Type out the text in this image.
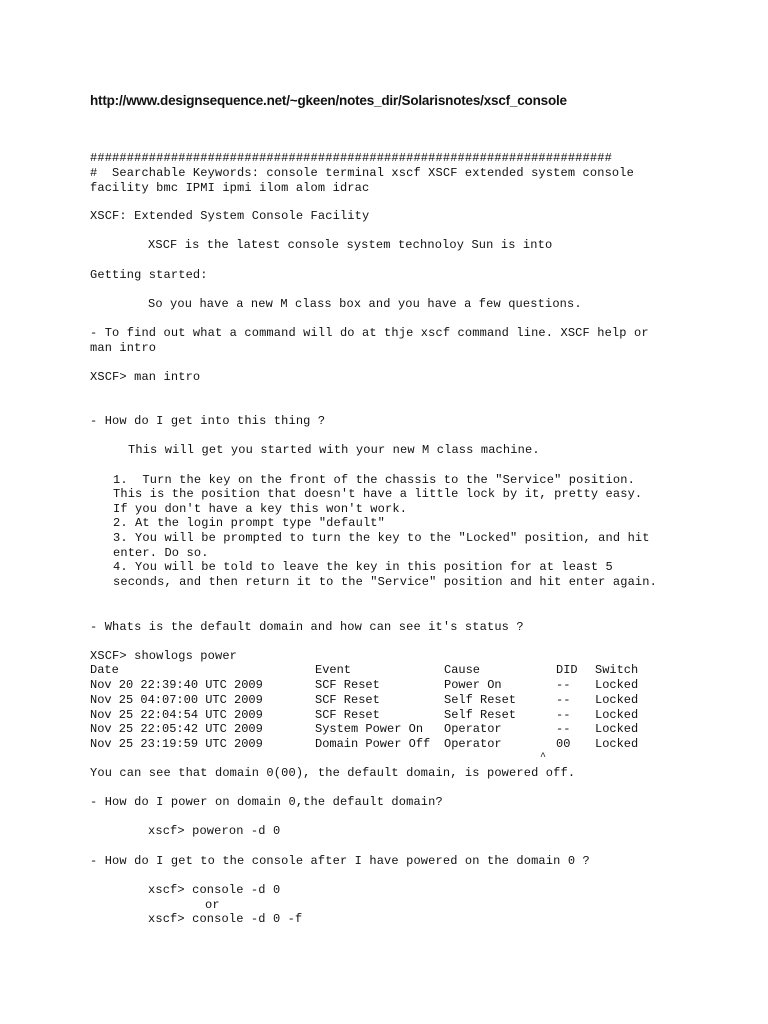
http://www.designsequence.net/~gkeen/notes_dir/Solarisnotes/xscf_console
#######################################################################
#  Searchable Keywords: console terminal xscf XSCF extended system console
facility bmc IPMI ipmi ilom alom idrac
XSCF: Extended System Console Facility
XSCF is the latest console system technoloy Sun is into
Getting started:
So you have a new M class box and you have a few questions.
- To find out what a command will do at thje xscf command line. XSCF help or
man intro
XSCF> man intro
- How do I get into this thing ?
This will get you started with your new M class machine.
1.  Turn the key on the front of the chassis to the "Service" position.
This is the position that doesn't have a little lock by it, pretty easy.
If you don't have a key this won't work.
2. At the login prompt type "default"
3. You will be prompted to turn the key to the "Locked" position, and hit
enter. Do so.
4. You will be told to leave the key in this position for at least 5
seconds, and then return it to the "Service" position and hit enter again.
- Whats is the default domain and how can see it's status ?
XSCF> showlogs power
Date	Event	Cause	DID Switch
Nov 20 22:39:40 UTC 2009	SCF Reset	Power On	-- Locked
Nov 25 04:07:00 UTC 2009	SCF Reset	Self Reset	-- Locked
Nov 25 22:04:54 UTC 2009	SCF Reset	Self Reset	-- Locked
Nov 25 22:05:42 UTC 2009	System Power On Operator	-- Locked
Nov 25 23:19:59 UTC 2009	Domain Power Off Operator	00 Locked
^
You can see that domain 0(00), the default domain, is powered off.
- How do I power on domain 0,the default domain?
xscf> poweron -d 0
- How do I get to the console after I have powered on the domain 0 ?
xscf> console -d 0
or
xscf> console -d 0 -f
